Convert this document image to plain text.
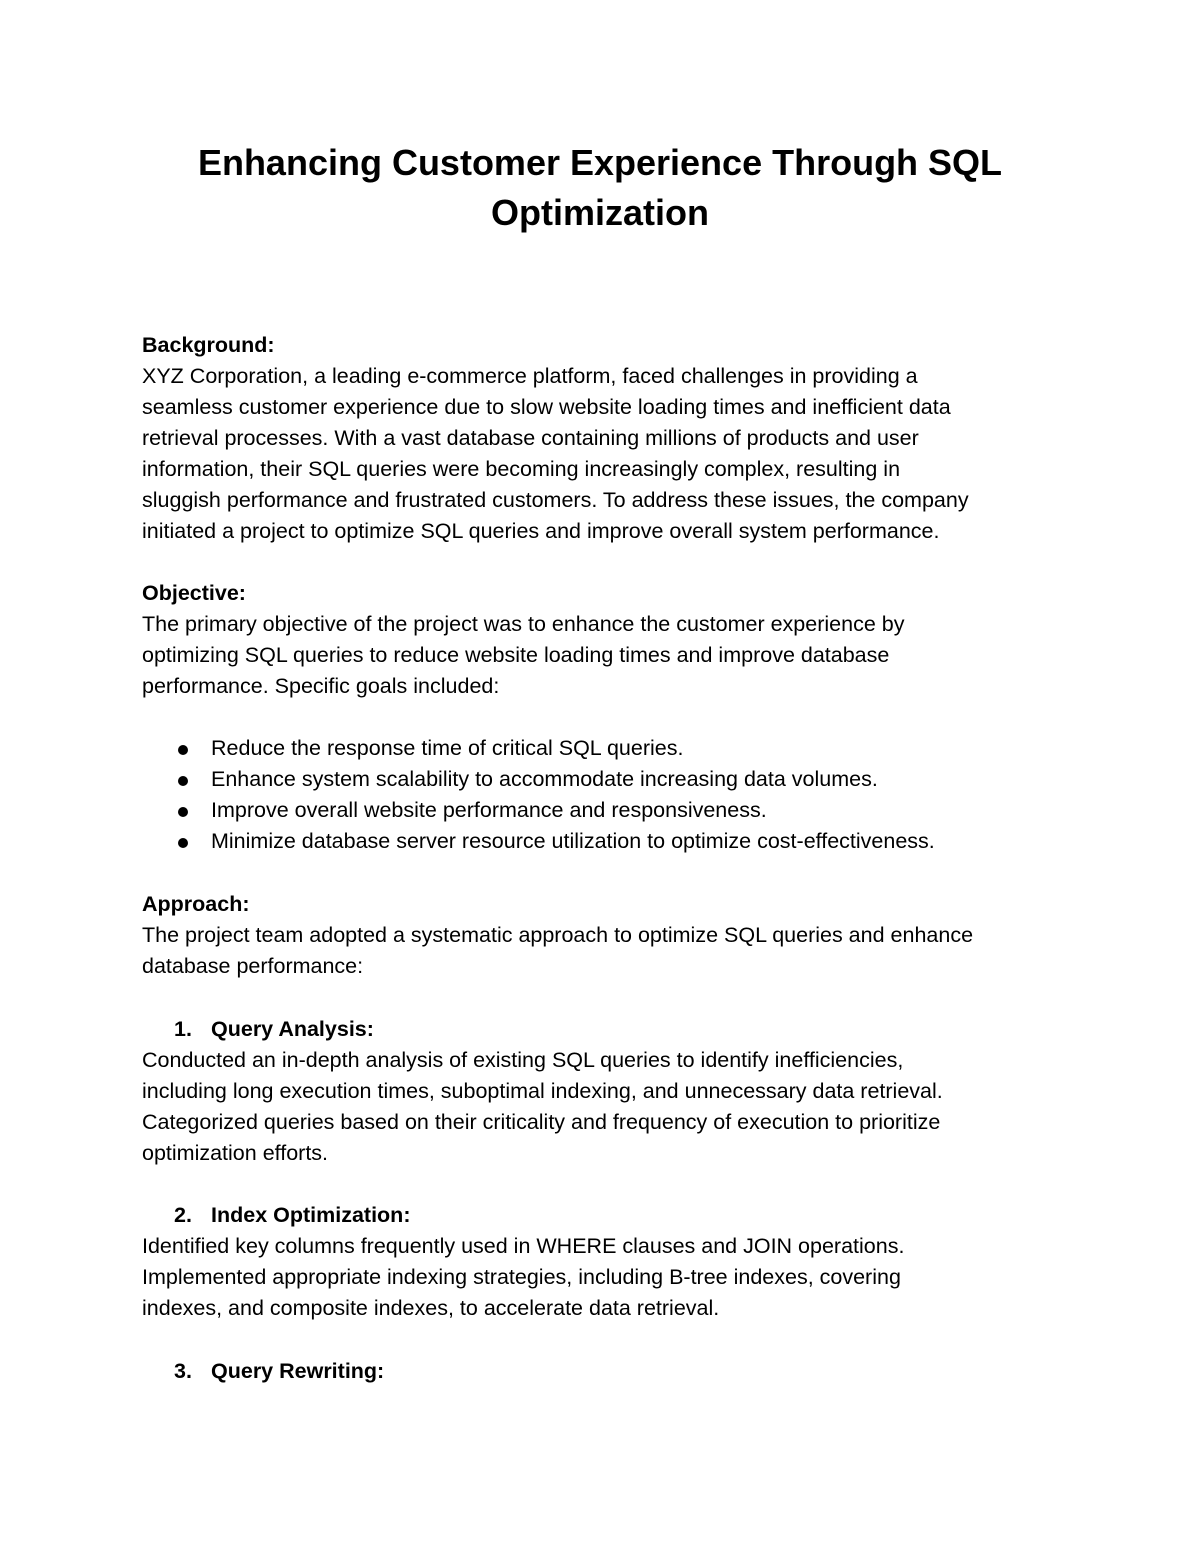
Enhancing Customer Experience Through SQL
Optimization
Background:
XYZ Corporation, a leading e-commerce platform, faced challenges in providing a
seamless customer experience due to slow website loading times and inefficient data
retrieval processes. With a vast database containing millions of products and user
information, their SQL queries were becoming increasingly complex, resulting in
sluggish performance and frustrated customers. To address these issues, the company
initiated a project to optimize SQL queries and improve overall system performance.
Objective:
The primary objective of the project was to enhance the customer experience by
optimizing SQL queries to reduce website loading times and improve database
performance. Specific goals included:
Reduce the response time of critical SQL queries.
Enhance system scalability to accommodate increasing data volumes.
Improve overall website performance and responsiveness.
Minimize database server resource utilization to optimize cost-effectiveness.
Approach:
The project team adopted a systematic approach to optimize SQL queries and enhance
database performance:
1. Query Analysis:
Conducted an in-depth analysis of existing SQL queries to identify inefficiencies,
including long execution times, suboptimal indexing, and unnecessary data retrieval.
Categorized queries based on their criticality and frequency of execution to prioritize
optimization efforts.
2. Index Optimization:
Identified key columns frequently used in WHERE clauses and JOIN operations.
Implemented appropriate indexing strategies, including B-tree indexes, covering
indexes, and composite indexes, to accelerate data retrieval.
3. Query Rewriting:
